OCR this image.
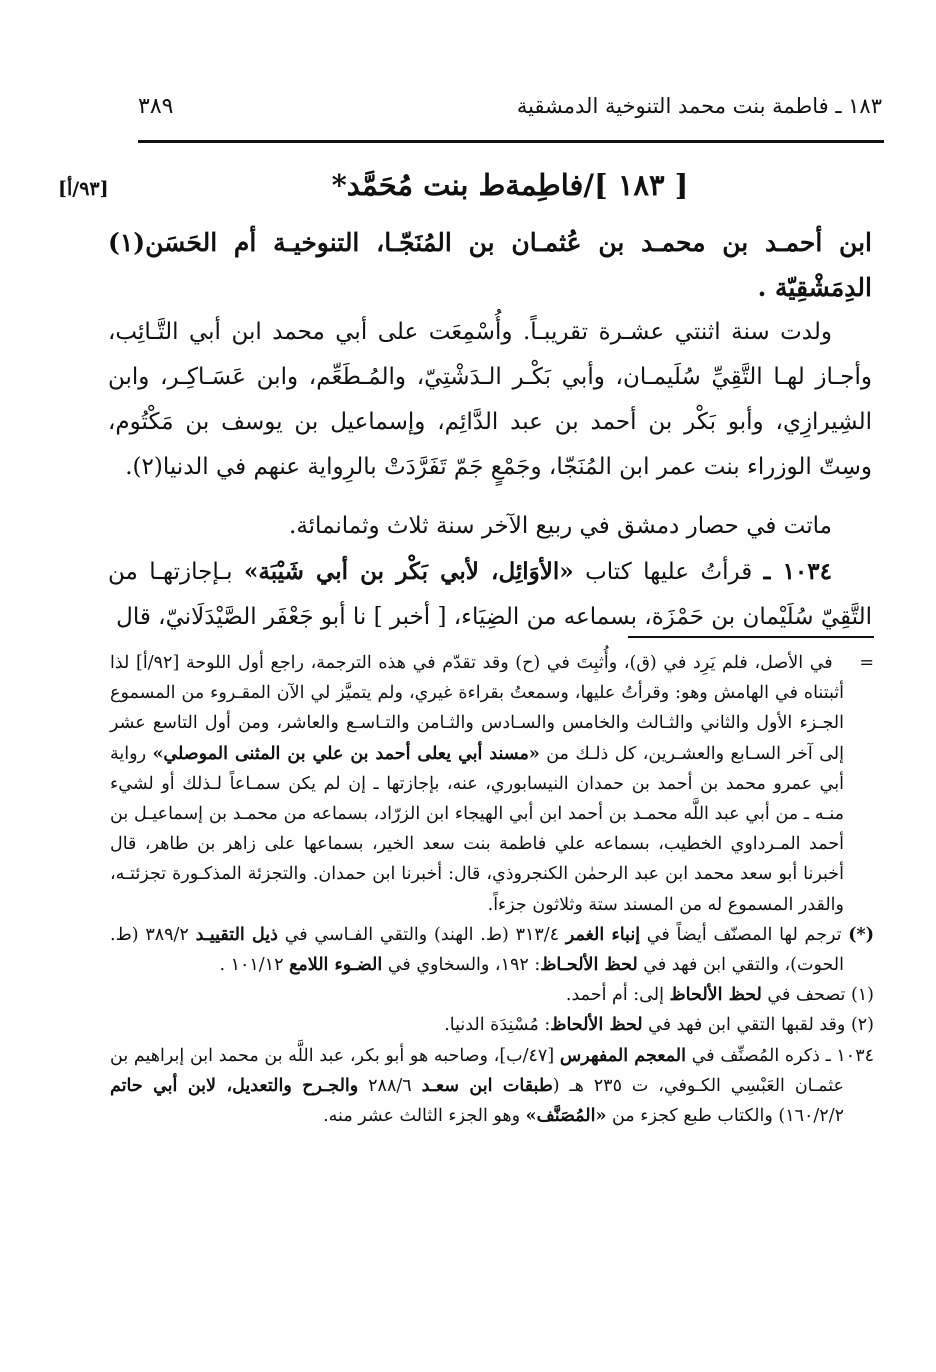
٣٨٩	١٨٣ ـ فاطمة بنت محمد التنوخية الدمشقية
[٩٣/أ]	[ ١٨٣ ]/فاطِمةط بنت مُحَمَّد*

ابن أحمـد بن محمـد بن عُثمـان بن المُنَجّـا، التنوخيـة أم الحَسَن(١) الدِمَشْقِيّة .

ولدت سنة اثنتي عشـرة تقريبـاً. وأُسْمِعَت على أبي محمد ابن أبي التَّـائِب، وأجـاز لهـا التَّقِيِّ سُلَيمـان، وأبي بَكْـر الـدَشْتِيّ، والمُـطَعِّم، وابن عَسَـاكِـر، وابن الشِيرازِي، وأبو بَكْر بن أحمد بن عبد الدَّائِم، وإسماعيل بن يوسف بن مَكْتُوم، وسِتّ الوزراء بنت عمر ابن المُنَجّا، وجَمْعٍ جَمّ تَفَرَّدَتْ بالرِواية عنهم في الدنيا(٢).

ماتت في حصار دمشق في ربيع الآخر سنة ثلاث وثمانمائة.

١٠٣٤ ـ قرأتُ عليها كتاب «الأوَائِل، لأبي بَكْر بن أبي شَيْبَة» بـإجازتهـا من التَّقِيّ سُلَيْمان بن حَمْزَة، بسماعه من الضِيَاء، [ أخبر ] نا أبو جَعْفَر الصَّيْدَلَانيّ، قال

=    في الأصل، فلم يَرِد في (ق)، وأُثبِتَ في (ح) وقد تقدّم في هذه الترجمة، راجع أول اللوحة [٩٢/أ] لذا أثبتناه في الهامش وهو: وقرأتُ عليها، وسمعتُ بقراءة غيري، ولم يتميَّز لي الآن المقـروء من المسموع الجـزء الأول والثاني والثـالث والخامس والسـادس والثـامن والتـاسـع والعاشر، ومن أول التاسع عشر إلى آخر السـابع والعشـرين، كل ذلـك من «مسند أبي يعلى أحمد بن علي بن المثنى الموصلي» رواية أبي عمرو محمد بن أحمد بن حمدان النيسابوري، عنه، بإجازتها ـ إن لم يكن سمـاعاً لـذلك أو لشيء منـه ـ من أبي عبد اللَّه محمـد بن أحمد ابن أبي الهيجاء ابن الزرّاد، بسماعه من محمـد بن إسماعيـل بن أحمد المـرداوي الخطيب، بسماعه علي فاطمة بنت سعد الخير، بسماعها على زاهر بن طاهر، قال أخبرنا أبو سعد محمد ابن عبد الرحمٰن الكنجروذي، قال: أخبرنا ابن حمدان. والتجزئة المذكـورة تجزئتـه، والقدر المسموع له من المسند ستة وثلاثون جزءاً.

(*) ترجم لها المصنّف أيضاً في إنباء الغمر ٣١٣/٤ (ط. الهند) والتقي الفـاسي في ذيل التقييـد ٣٨٩/٢ (ط. الحوت)، والتقي ابن فهد في لحظ الألحـاظ: ١٩٢، والسخاوي في الضـوء اللامع ١٠١/١٢ .

(١) تصحف في لحظ الألحاظ إلى: أم أحمد.

(٢) وقد لقبها التقي ابن فهد في لحظ الألحاظ: مُسْنِدَة الدنيا.

١٠٣٤ ـ ذكره المُصنِّف في المعجم المفهرس [٤٧/ب]، وصاحبه هو أبو بكر، عبد اللَّه بن محمد ابن إبراهيم بن عثمـان العَبْسِي الكـوفي، ت ٢٣٥ هـ (طبقات ابن سعـد ٢٨٨/٦ والجـرح والتعديل، لابن أبي حاتم ١٦٠/٢/٢) والكتاب طبع كجزء من «المُصَنَّف» وهو الجزء الثالث عشر منه.
